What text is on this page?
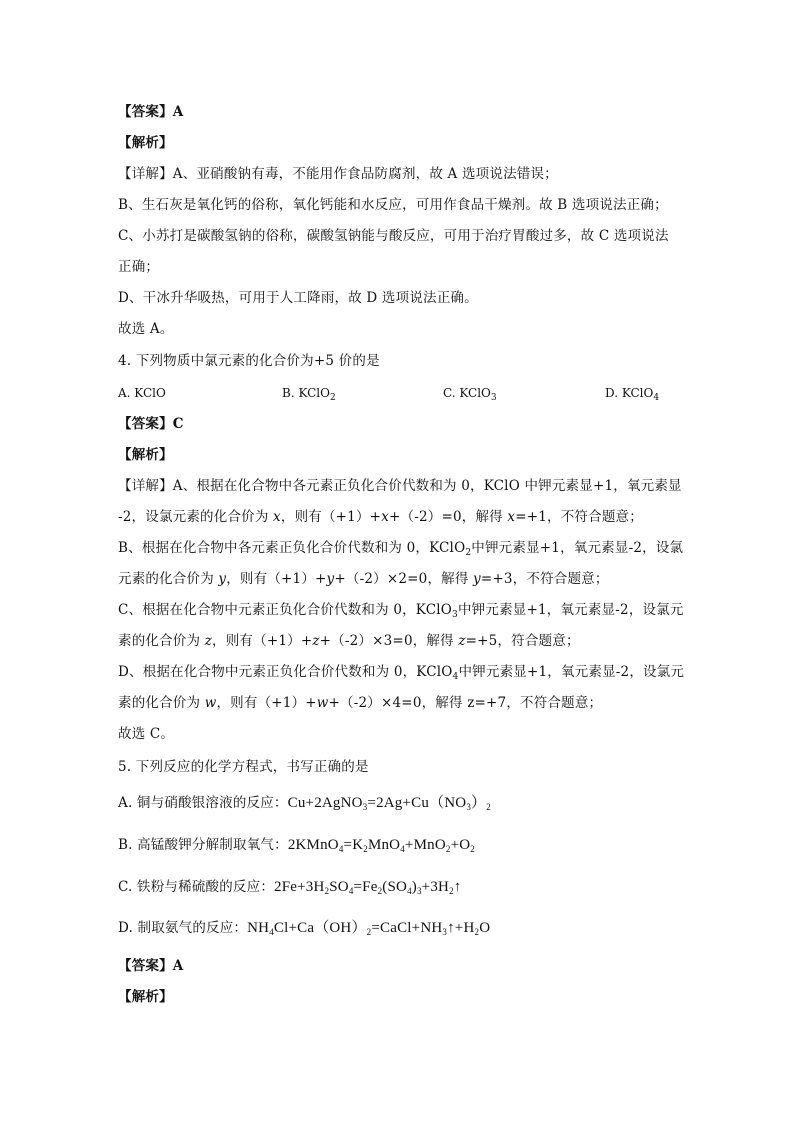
【答案】A
【解析】
【详解】A、亚硝酸钠有毒，不能用作食品防腐剂，故 A 选项说法错误；
B、生石灰是氧化钙的俗称，氧化钙能和水反应，可用作食品干燥剂。故 B 选项说法正确；
C、小苏打是碳酸氢钠的俗称，碳酸氢钠能与酸反应，可用于治疗胃酸过多，故 C 选项说法
正确；
D、干冰升华吸热，可用于人工降雨，故 D 选项说法正确。
故选 A。
4. 下列物质中氯元素的化合价为+5 价的是
A. KClO	B. KClO$_2$	C. KClO$_3$	D. KClO$_4$
【答案】C
【解析】
【详解】A、根据在化合物中各元素正负化合价代数和为 0，KClO 中钾元素显+1，氧元素显
-2，设氯元素的化合价为 x，则有（+1）+x+（-2）=0，解得 x=+1，不符合题意；
B、根据在化合物中各元素正负化合价代数和为 0，KClO$_2$中钾元素显+1，氧元素显-2，设氯
元素的化合价为 y，则有（+1）+y+（-2）×2=0，解得 y=+3，不符合题意；
C、根据在化合物中元素正负化合价代数和为 0，KClO$_3$中钾元素显+1，氧元素显-2，设氯元
素的化合价为 z，则有（+1）+z+（-2）×3=0，解得 z=+5，符合题意；
D、根据在化合物中元素正负化合价代数和为 0，KClO$_4$中钾元素显+1，氧元素显-2，设氯元
素的化合价为 w，则有（+1）+w+（-2）×4=0，解得 z=+7，不符合题意；
故选 C。
5. 下列反应的化学方程式，书写正确的是
A. 铜与硝酸银溶液的反应：$Cu+2AgNO_3=2Ag+Cu(NO_3)_2$
B. 高锰酸钾分解制取氧气：$2KMnO_4=K_2MnO_4+MnO_2+O_2$
C. 铁粉与稀硫酸的反应：$2Fe+3H_2SO_4=Fe_2(SO_4)_3+3H_2↑$
D. 制取氨气的反应：$NH_4Cl+Ca(OH)_2=CaCl+NH_3↑+H_2O$
【答案】A
【解析】
